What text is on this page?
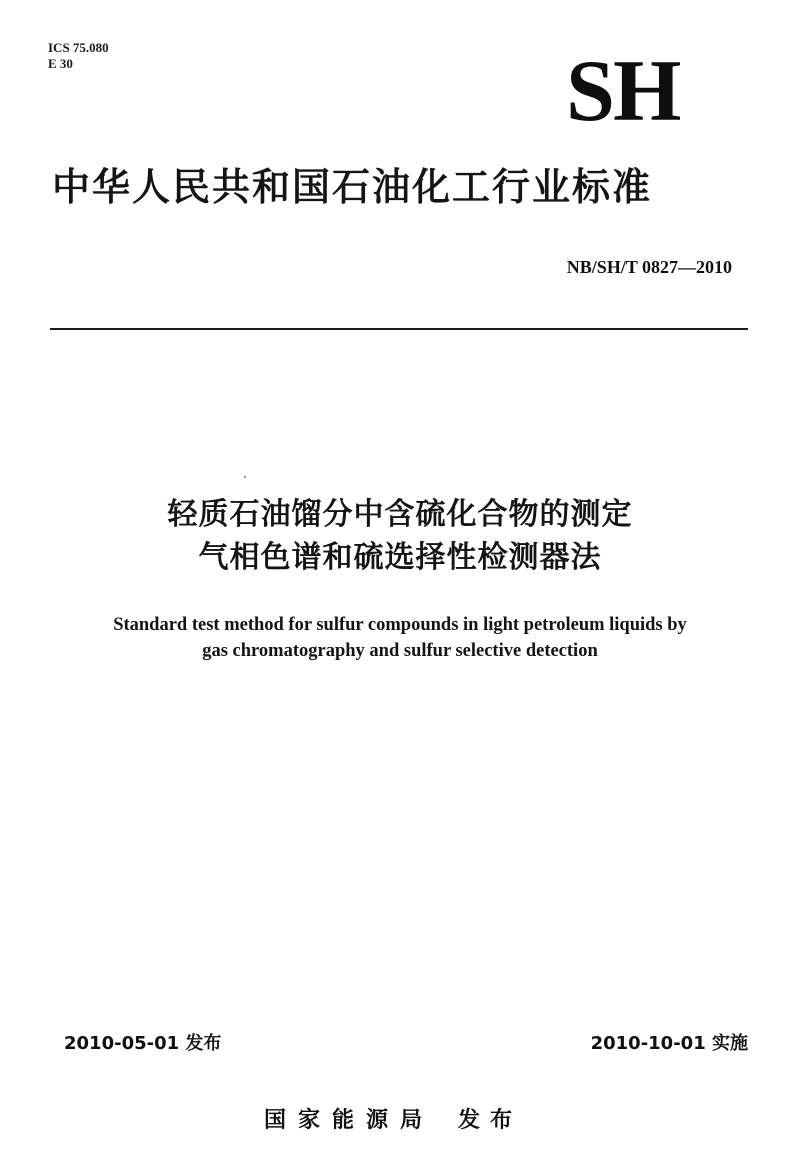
ICS 75.080
E 30	SH
中华人民共和国石油化工行业标准
NB/SH/T 0827—2010
轻质石油馏分中含硫化合物的测定
气相色谱和硫选择性检测器法
Standard test method for sulfur compounds in light petroleum liquids by
gas chromatography and sulfur selective detection
2010-05-01 发布	2010-10-01 实施
国家能源局 发布
